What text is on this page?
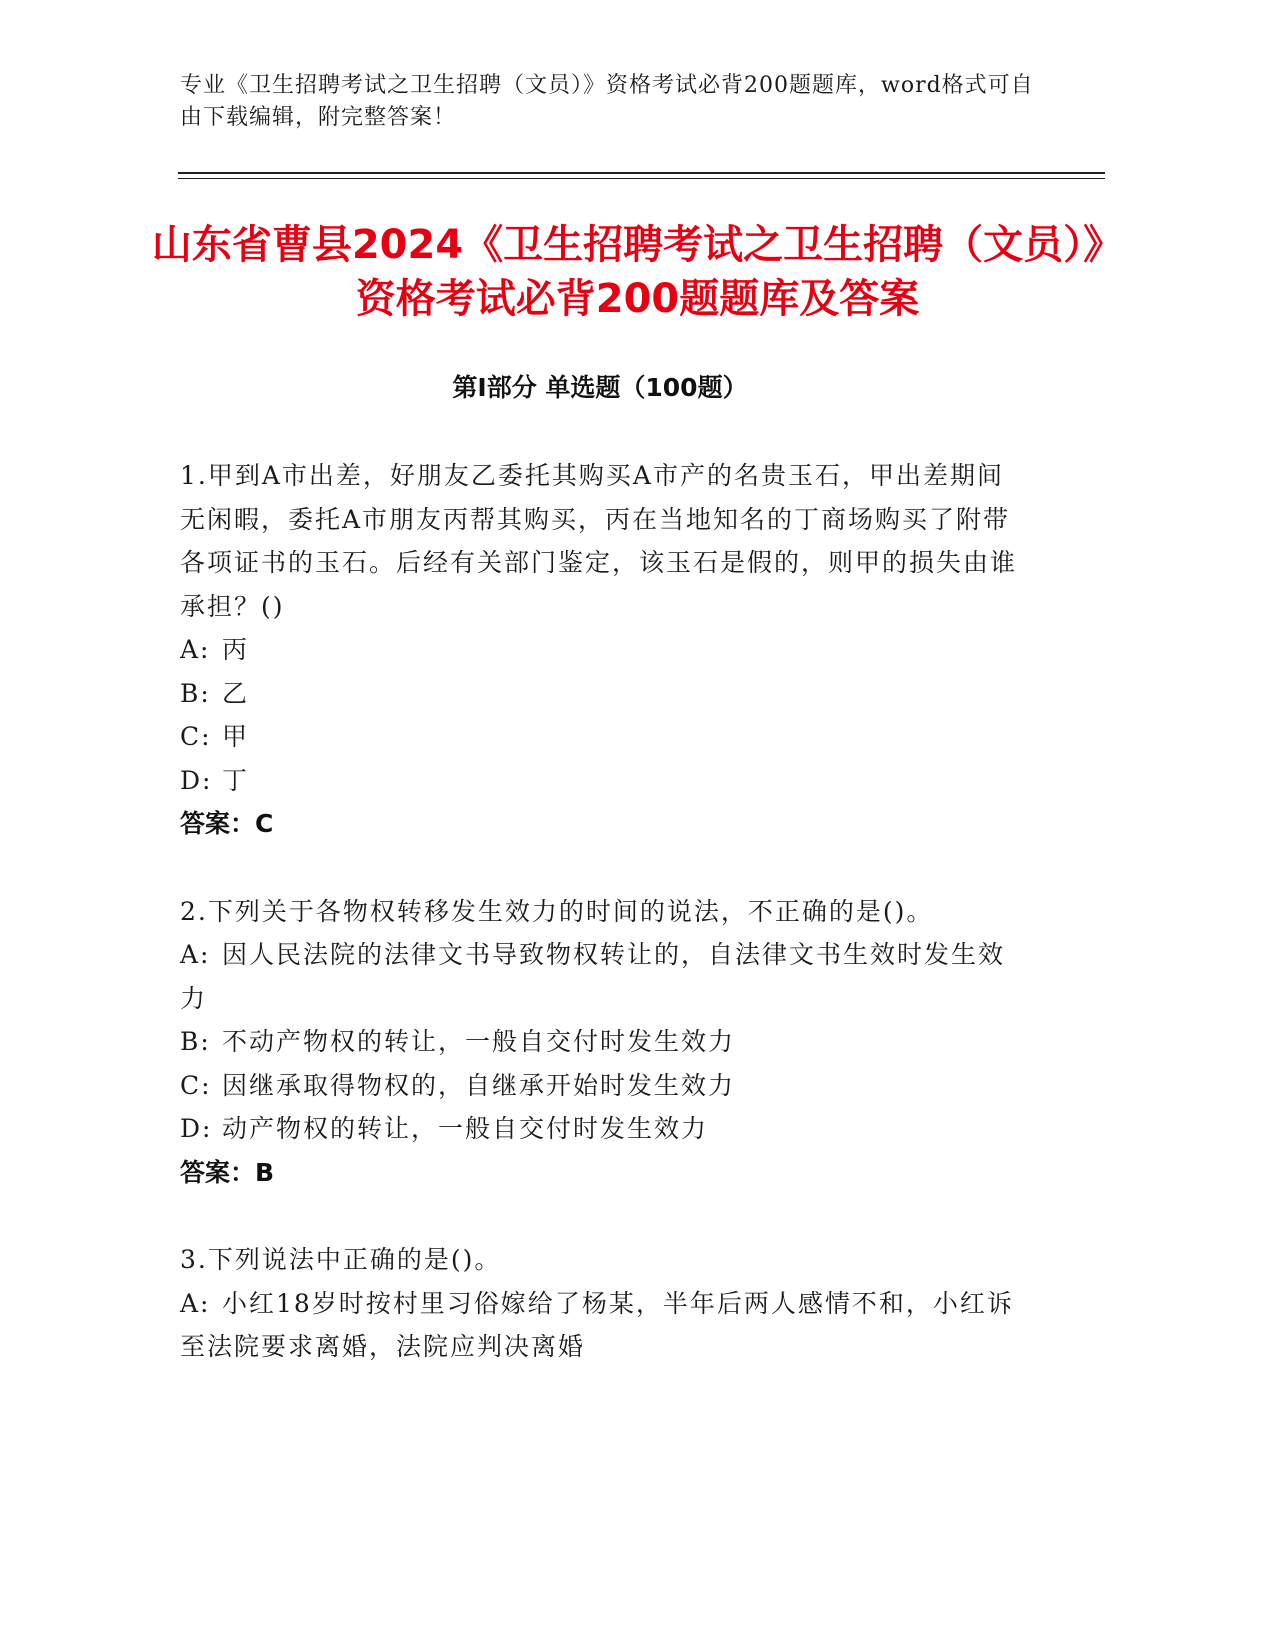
专业《卫生招聘考试之卫生招聘（文员）》资格考试必背200题题库，word格式可自由下载编辑，附完整答案！
山东省曹县2024《卫生招聘考试之卫生招聘（文员）》资格考试必背200题题库及答案
第Ⅰ部分 单选题（100题）
1.甲到A市出差，好朋友乙委托其购买A市产的名贵玉石，甲出差期间无闲暇，委托A市朋友丙帮其购买，丙在当地知名的丁商场购买了附带各项证书的玉石。后经有关部门鉴定，该玉石是假的，则甲的损失由谁承担？()
A: 丙
B: 乙
C: 甲
D: 丁
答案：C
2.下列关于各物权转移发生效力的时间的说法，不正确的是()。
A: 因人民法院的法律文书导致物权转让的，自法律文书生效时发生效力
B: 不动产物权的转让，一般自交付时发生效力
C: 因继承取得物权的，自继承开始时发生效力
D: 动产物权的转让，一般自交付时发生效力
答案：B
3.下列说法中正确的是()。
A: 小红18岁时按村里习俗嫁给了杨某，半年后两人感情不和，小红诉至法院要求离婚，法院应判决离婚
